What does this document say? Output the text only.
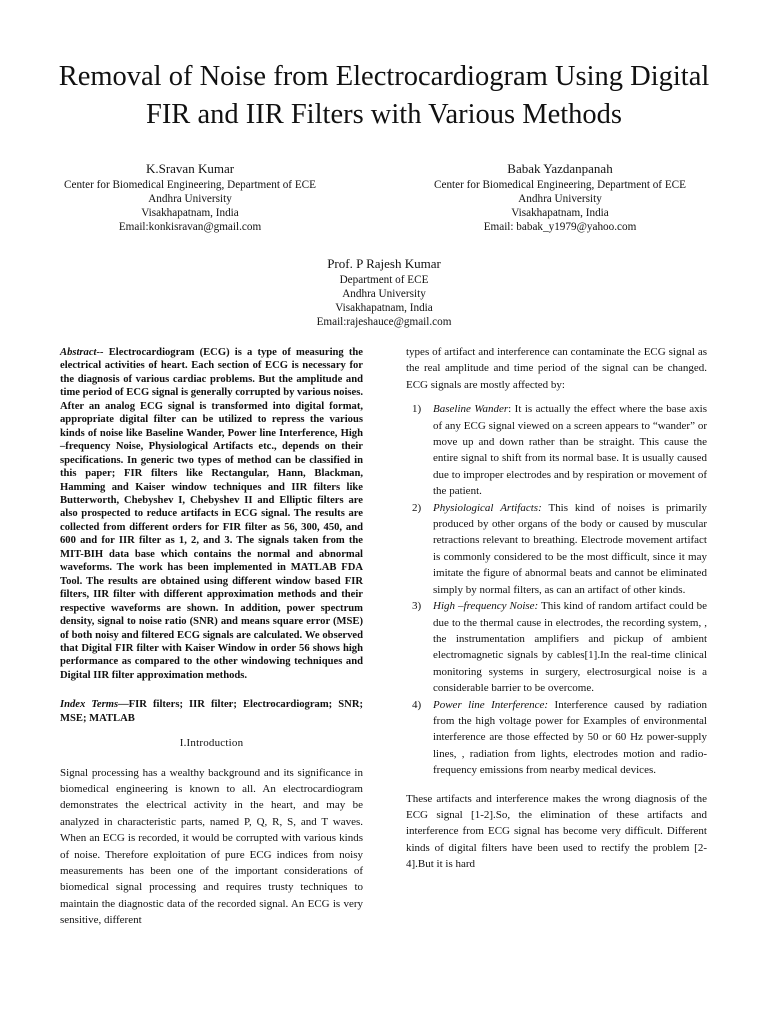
Removal of Noise from Electrocardiogram Using Digital FIR and IIR Filters with Various Methods
K.Sravan Kumar
Center for Biomedical Engineering, Department of ECE
Andhra University
Visakhapatnam, India
Email:konkisravan@gmail.com
Babak Yazdanpanah
Center for Biomedical Engineering, Department of ECE
Andhra University
Visakhapatnam, India
Email: babak_y1979@yahoo.com
Prof. P Rajesh Kumar
Department of ECE
Andhra University
Visakhapatnam, India
Email:rajeshauce@gmail.com

Abstract-- Electrocardiogram (ECG) is a type of measuring the electrical activities of heart. Each section of ECG is necessary for the diagnosis of various cardiac problems. But the amplitude and time period of ECG signal is generally corrupted by various noises. After an analog ECG signal is transformed into digital format, appropriate digital filter can be utilized to repress the various kinds of noise like Baseline Wander, Power line Interference, High –frequency Noise, Physiological Artifacts etc., depends on their specifications. In generic two types of method can be classified in this paper; FIR filters like Rectangular, Hann, Blackman, Hamming and Kaiser window techniques and IIR filters like Butterworth, Chebyshev I, Chebyshev II and Elliptic filters are also prospected to reduce artifacts in ECG signal. The results are collected from different orders for FIR filter as 56, 300, 450, and 600 and for IIR filter as 1, 2, and 3. The signals taken from the MIT-BIH data base which contains the normal and abnormal waveforms. The work has been implemented in MATLAB FDA Tool. The results are obtained using different window based FIR filters, IIR filter with different approximation methods and their respective waveforms are shown. In addition, power spectrum density, signal to noise ratio (SNR) and means square error (MSE) of both noisy and filtered ECG signals are calculated. We observed that Digital FIR filter with Kaiser Window in order 56 shows high performance as compared to the other windowing techniques and Digital IIR filter approximation methods.

Index Terms—FIR filters; IIR filter; Electrocardiogram; SNR; MSE; MATLAB

I.Introduction

Signal processing has a wealthy background and its significance in biomedical engineering is known to all. An electrocardiogram demonstrates the electrical activity in the heart, and may be analyzed in characteristic parts, named P, Q, R, S, and T waves. When an ECG is recorded, it would be corrupted with various kinds of noise. Therefore exploitation of pure ECG indices from noisy measurements has been one of the important considerations of biomedical signal processing and requires trusty techniques to maintain the diagnostic data of the recorded signal. An ECG is very sensitive, different

types of artifact and interference can contaminate the ECG signal as the real amplitude and time period of the signal can be changed. ECG signals are mostly affected by:

1) Baseline Wander: It is actually the effect where the base axis of any ECG signal viewed on a screen appears to “wander” or move up and down rather than be straight. This cause the entire signal to shift from its normal base. It is usually caused due to improper electrodes and by respiration or movement of the patient.
2) Physiological Artifacts: This kind of noises is primarily produced by other organs of the body or caused by muscular retractions relevant to breathing. Electrode movement artifact is commonly considered to be the most difficult, since it may imitate the figure of abnormal beats and cannot be eliminated simply by normal filters, as can an artifact of other kinds.
3) High –frequency Noise: This kind of random artifact could be due to the thermal cause in electrodes, the recording system, , the instrumentation amplifiers and pickup of ambient electromagnetic signals by cables[1].In the real-time clinical monitoring systems in surgery, electrosurgical noise is a considerable barrier to be overcome.
4) Power line Interference: Interference caused by radiation from the high voltage power for Examples of environmental interference are those effected by 50 or 60 Hz power-supply lines, , radiation from lights, electrodes motion and radio-frequency emissions from nearby medical devices.

These artifacts and interference makes the wrong diagnosis of the ECG signal [1-2].So, the elimination of these artifacts and interference from ECG signal has become very difficult. Different kinds of digital filters have been used to rectify the problem [2-4].But it is hard
